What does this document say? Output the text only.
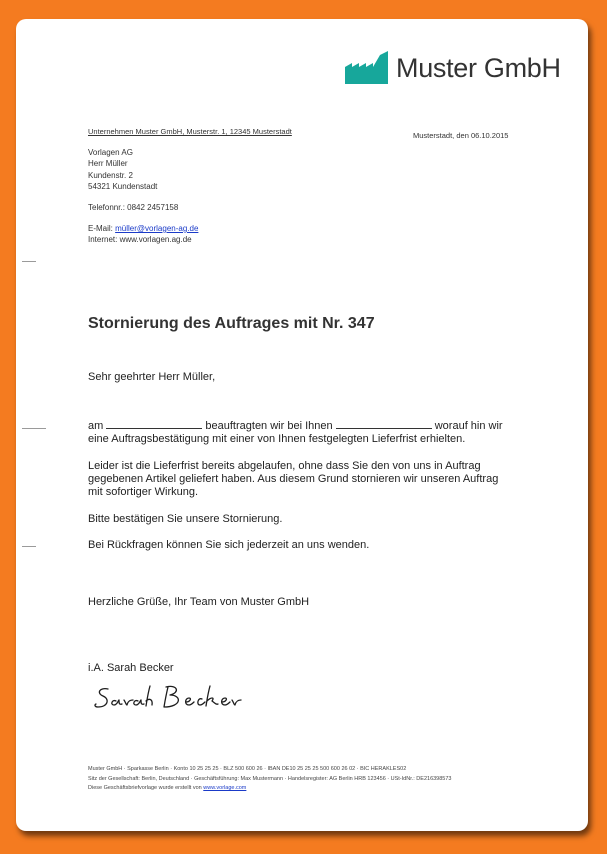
Muster GmbH
Unternehmen Muster GmbH, Musterstr. 1, 12345 Musterstadt	Musterstadt, den 06.10.2015
Vorlagen AG
Herr Müller
Kundenstr. 2
54321 Kundenstadt
Telefonnr.: 0842 2457158
E-Mail: müller@vorlagen-ag.de
Internet: www.vorlagen.ag.de
Stornierung des Auftrages mit Nr. 347
Sehr geehrter Herr Müller,
am	beauftragten wir bei Ihnen	worauf hin wir
eine Auftragsbestätigung mit einer von Ihnen festgelegten Lieferfrist erhielten.
Leider ist die Lieferfrist bereits abgelaufen, ohne dass Sie den von uns in Auftrag
gegebenen Artikel geliefert haben. Aus diesem Grund stornieren wir unseren Auftrag
mit sofortiger Wirkung.
Bitte bestätigen Sie unsere Stornierung.
Bei Rückfragen können Sie sich jederzeit an uns wenden.
Herzliche Grüße, Ihr Team von Muster GmbH
i.A. Sarah Becker
Muster GmbH · Sparkasse Berlin · Konto 10 25 25 25 · BLZ 500 600 26 · IBAN DE10 25 25 25 500 600 26 02 · BIC HERAKLES02
Sitz der Gesellschaft: Berlin, Deutschland · Geschäftsführung: Max Mustermann · Handelsregister: AG Berlin HRB 123456 · USt-IdNr.: DE216398573
Diese Geschäftsbriefvorlage wurde erstellt von www.vorlage.com
